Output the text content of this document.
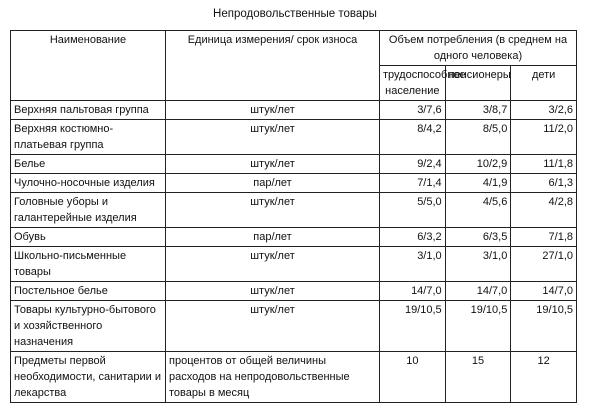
Непродовольственные товары
Наименование	Единица измерения/ срок износа	Объем потребления (в среднем на одного человека)		
		трудоспособное население	пенсионеры	дети
Верхняя пальтовая группа	штук/лет	3/7,6	3/8,7	3/2,6
Верхняя костюмно-платьевая группа	штук/лет	8/4,2	8/5,0	11/2,0
Белье	штук/лет	9/2,4	10/2,9	11/1,8
Чулочно-носочные изделия	пар/лет	7/1,4	4/1,9	6/1,3
Головные уборы и галантерейные изделия	штук/лет	5/5,0	4/5,6	4/2,8
Обувь	пар/лет	6/3,2	6/3,5	7/1,8
Школьно-письменные товары	штук/лет	3/1,0	3/1,0	27/1,0
Постельное белье	штук/лет	14/7,0	14/7,0	14/7,0
Товары культурно-бытового и хозяйственного назначения	штук/лет	19/10,5	19/10,5	19/10,5
Предметы первой необходимости, санитарии и лекарства	процентов от общей величины расходов на непродовольственные товары в месяц	10	15	12
